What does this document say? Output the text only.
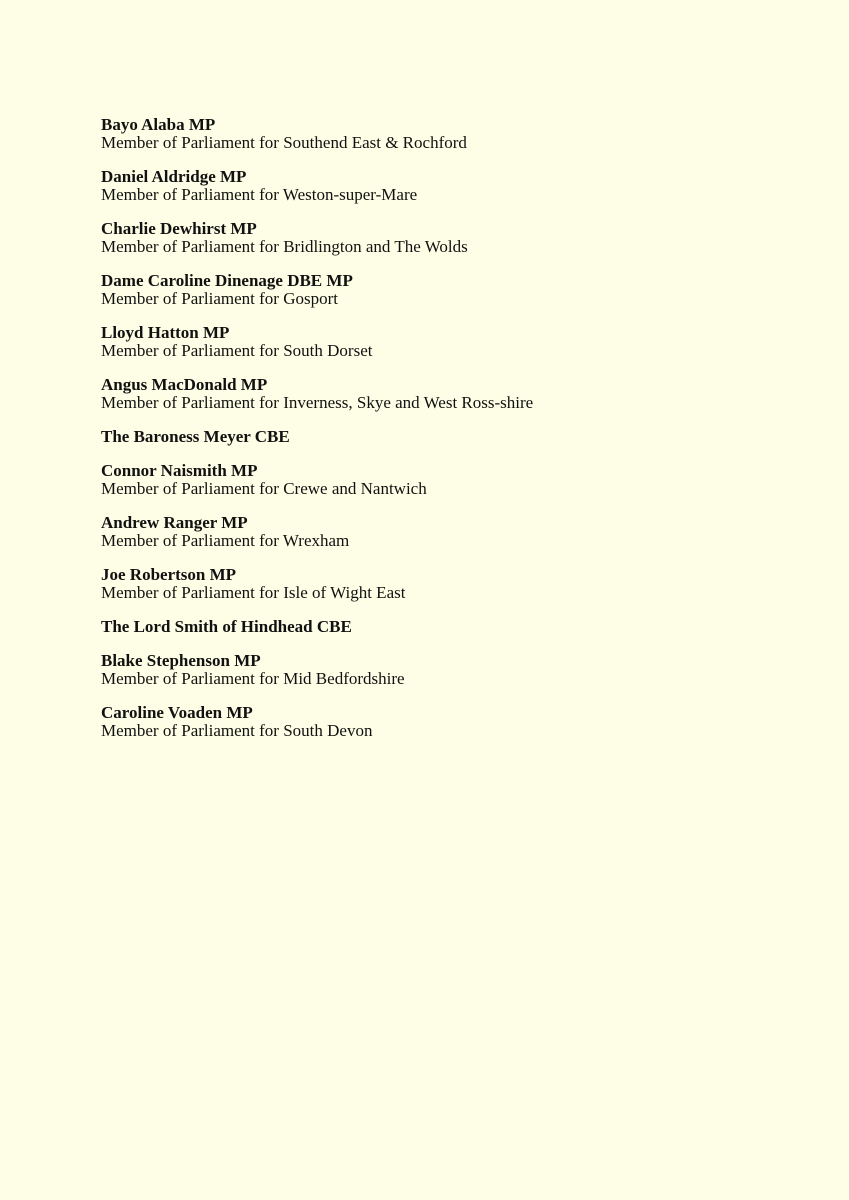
Bayo Alaba MP
Member of Parliament for Southend East & Rochford
Daniel Aldridge MP
Member of Parliament for Weston-super-Mare
Charlie Dewhirst MP
Member of Parliament for Bridlington and The Wolds
Dame Caroline Dinenage DBE MP
Member of Parliament for Gosport
Lloyd Hatton MP
Member of Parliament for South Dorset
Angus MacDonald MP
Member of Parliament for Inverness, Skye and West Ross-shire
The Baroness Meyer CBE
Connor Naismith MP
Member of Parliament for Crewe and Nantwich
Andrew Ranger MP
Member of Parliament for Wrexham
Joe Robertson MP
Member of Parliament for Isle of Wight East
The Lord Smith of Hindhead CBE
Blake Stephenson MP
Member of Parliament for Mid Bedfordshire
Caroline Voaden MP
Member of Parliament for South Devon
